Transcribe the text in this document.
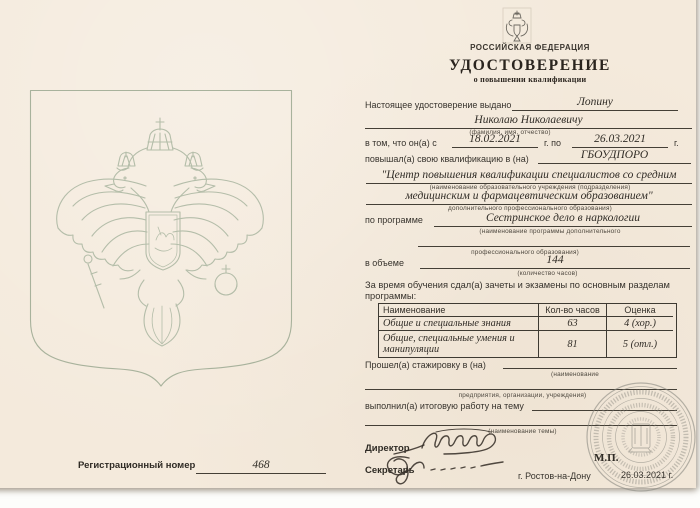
Регистрационный номер	468
РОССИЙСКАЯ ФЕДЕРАЦИЯ
УДОСТОВЕРЕНИЕ
о повышении квалификации
Настоящее удостоверение выдано	Лопину
Николаю Николаевичу
(фамилия, имя, отчество)
в том, что он(а) с	18.02.2021	г. по	26.03.2021	г.
повышал(а) свою квалификацию в (на)	ГБОУДПОРО
"Центр повышения квалификации специалистов со средним
(наименование образовательного учреждения (подразделения)
медицинским и фармацевтическим образованием"
дополнительного профессионального образования)
по программе	Сестринское дело в наркологии
(наименование программы дополнительного
профессионального образования)
в объеме	144
(количество часов)
За время обучения сдал(а) зачеты и экзамены по основным разделам программы:
Наименование	Кол-во часов	Оценка
Общие и специальные знания	63	4 (хор.)
Общие, специальные умения и манипуляции	81	5 (отл.)
Прошел(а) стажировку в (на)
(наименование
предприятия, организации, учреждения)
выполнил(а) итоговую работу на тему
(наименование темы)
Директор
М.П.
Секретарь	г. Ростов-на-Дону	26.03.2021 г.
